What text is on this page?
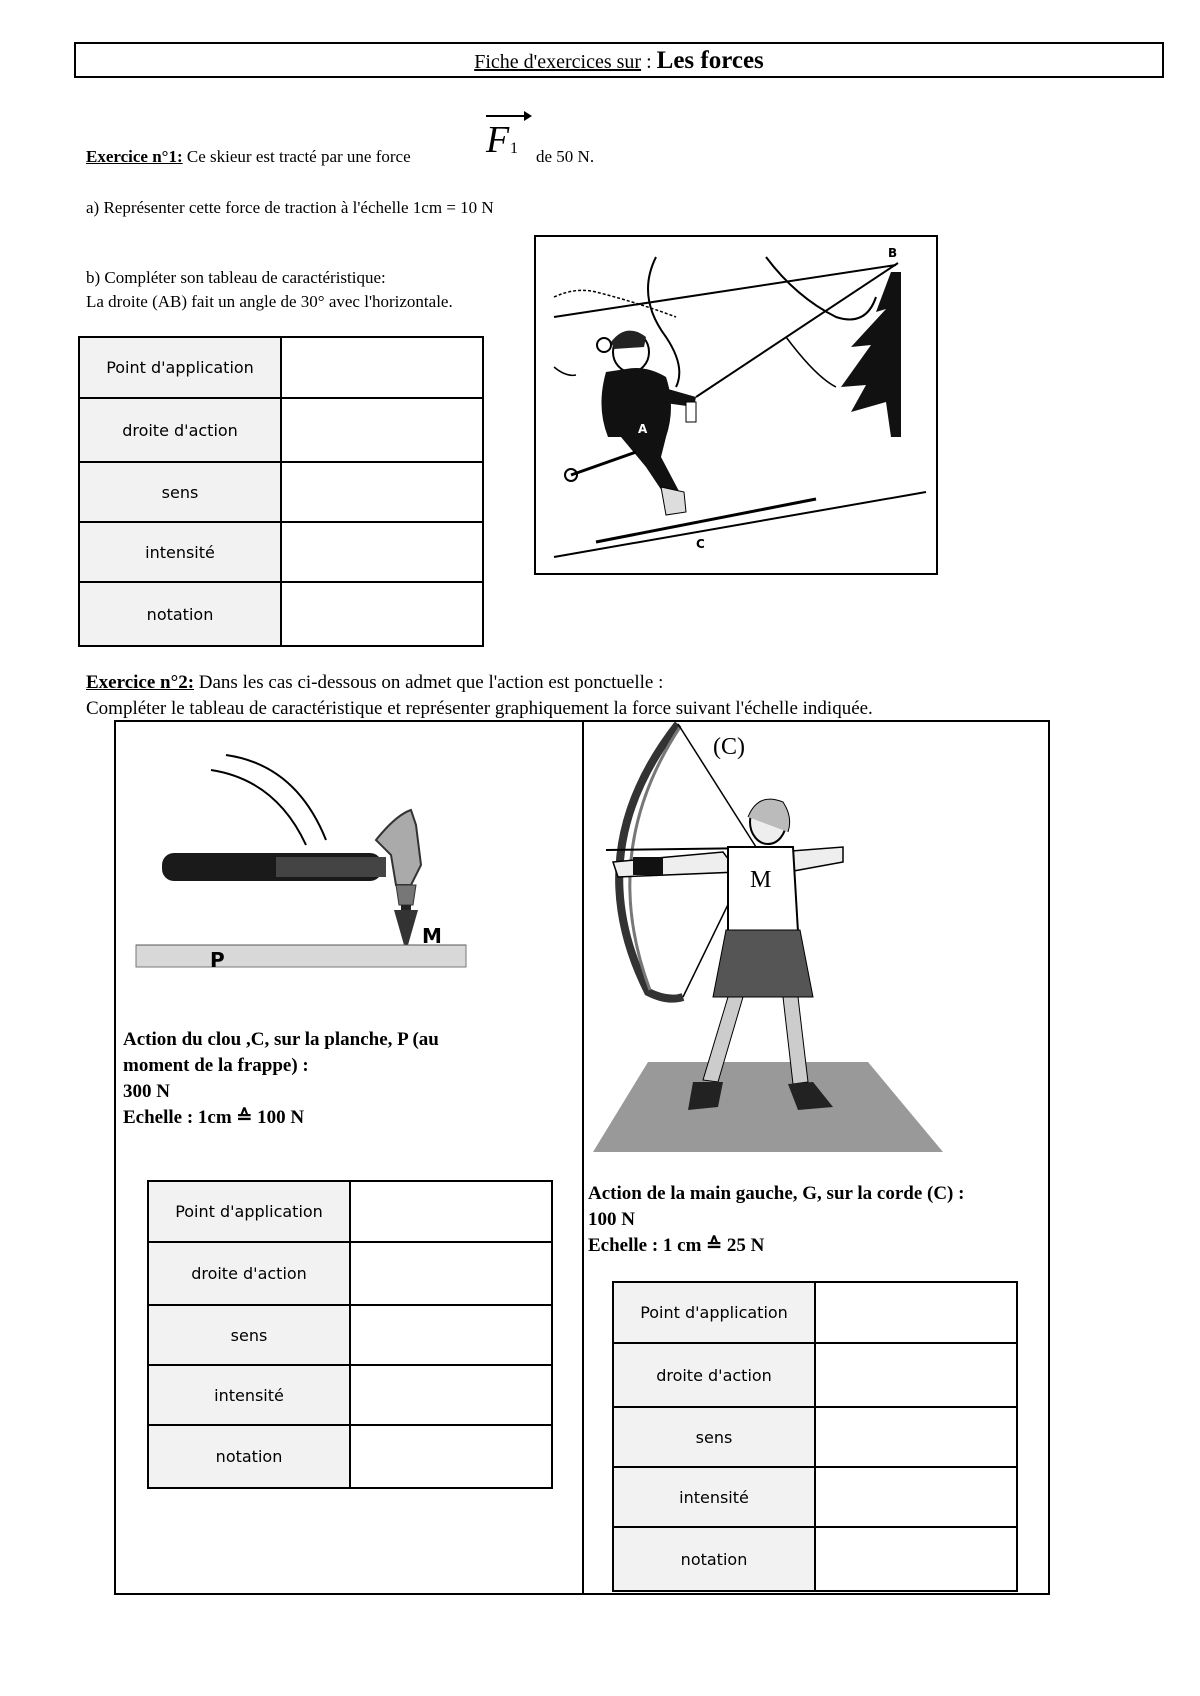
Fiche d'exercices sur : Les forces
Exercice n°1: Ce skieur est tracté par une force F 1 de 50 N.
a) Représenter cette force de traction à l'échelle 1cm = 10 N
b) Compléter son tableau de caractéristique:
La droite (AB) fait un angle de 30° avec l'horizontale.
Point d'application	
droite d'action	
sens	
intensité	
notation	
B
A
C
Exercice n°2: Dans les cas ci-dessous on admet que l'action est ponctuelle :
Compléter le tableau de caractéristique et représenter graphiquement la force suivant l'échelle indiquée.
P
M
Action du clou ,C, sur la planche, P (au
moment de la frappe) :
300 N
Echelle : 1cm ≙ 100 N
Point d'application	
droite d'action	
sens	
intensité	
notation	
(C)
M
Action de la main gauche, G, sur la corde (C) :
100 N
Echelle : 1 cm ≙ 25 N
Point d'application	
droite d'action	
sens	
intensité	
notation	
